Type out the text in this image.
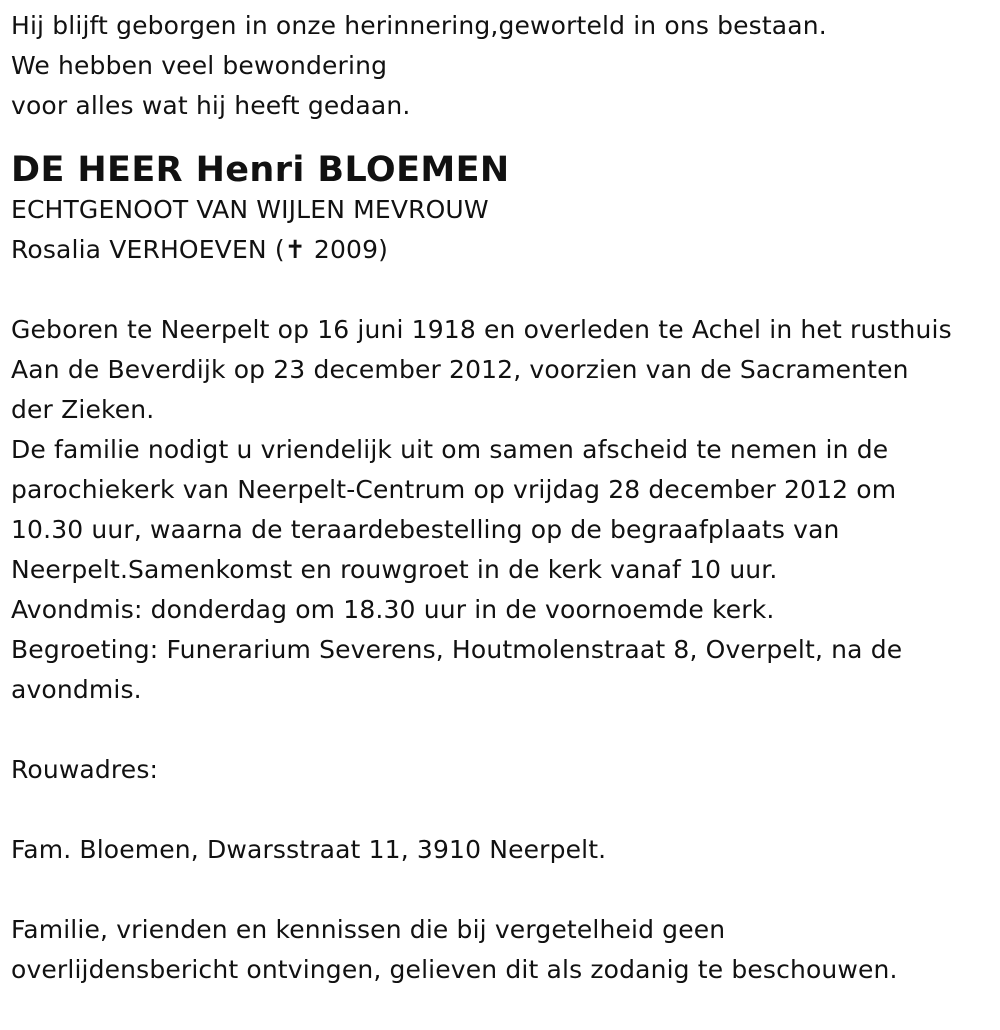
Hij blijft geborgen in onze herinnering,geworteld in ons bestaan.
We hebben veel bewondering
voor alles wat hij heeft gedaan.
DE HEER Henri BLOEMEN
ECHTGENOOT VAN WIJLEN MEVROUW
Rosalia VERHOEVEN (✝ 2009)
Geboren te Neerpelt op 16 juni 1918 en overleden te Achel in het rusthuis
Aan de Beverdijk op 23 december 2012, voorzien van de Sacramenten
der Zieken.
De familie nodigt u vriendelijk uit om samen afscheid te nemen in de
parochiekerk van Neerpelt-Centrum op vrijdag 28 december 2012 om
10.30 uur, waarna de teraardebestelling op de begraafplaats van
Neerpelt.Samenkomst en rouwgroet in de kerk vanaf 10 uur.
Avondmis: donderdag om 18.30 uur in de voornoemde kerk.
Begroeting: Funerarium Severens, Houtmolenstraat 8, Overpelt, na de
avondmis.
Rouwadres:
Fam. Bloemen, Dwarsstraat 11, 3910 Neerpelt.
Familie, vrienden en kennissen die bij vergetelheid geen
overlijdensbericht ontvingen, gelieven dit als zodanig te beschouwen.
